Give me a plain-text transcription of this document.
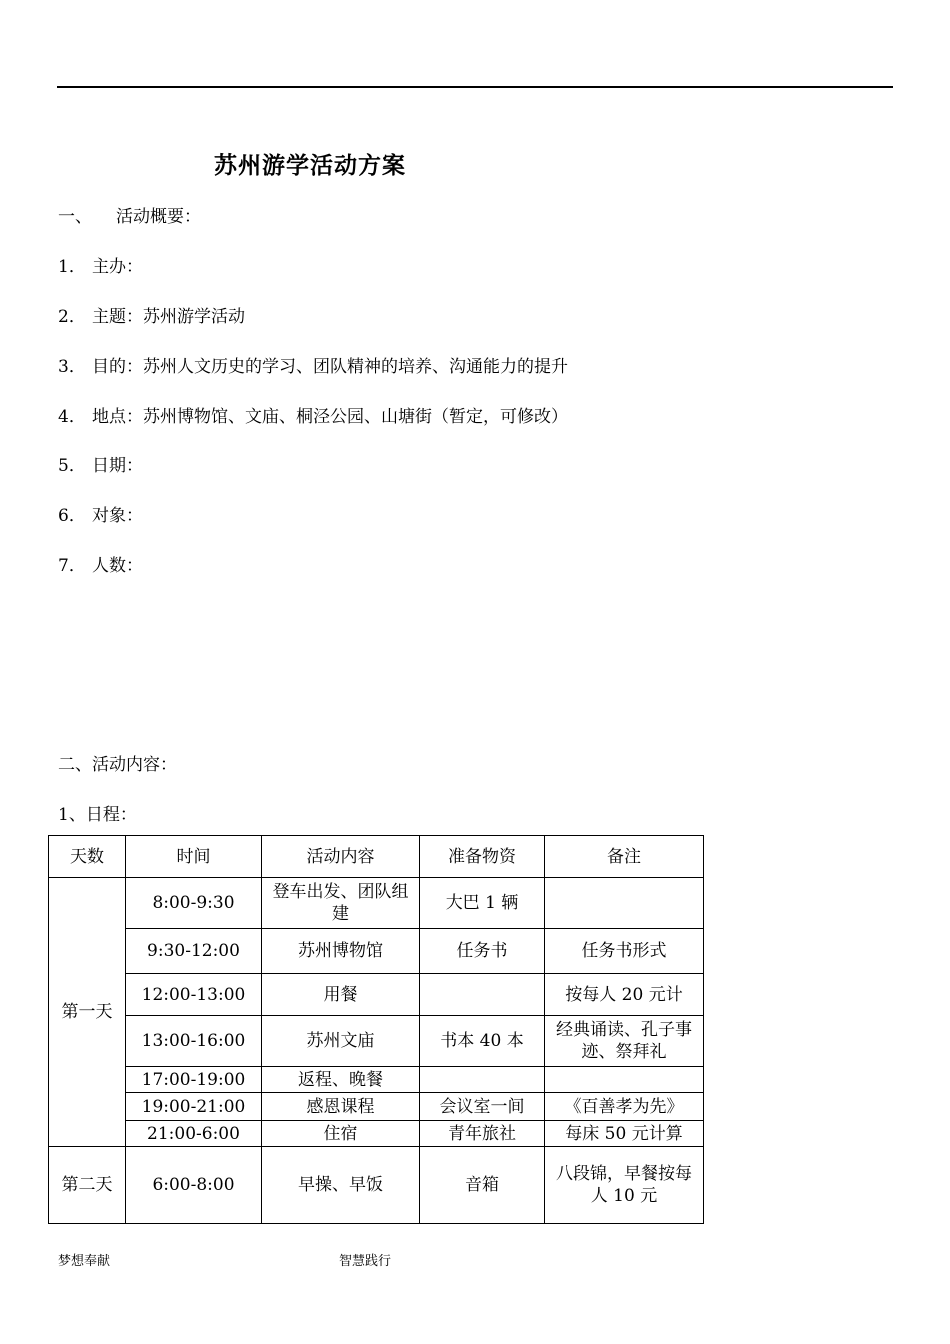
苏州游学活动方案
一、 活动概要：
1． 主办：
2． 主题：苏州游学活动
3． 目的：苏州人文历史的学习、团队精神的培养、沟通能力的提升
4． 地点：苏州博物馆、文庙、桐泾公园、山塘街（暂定，可修改）
5． 日期：
6． 对象：
7． 人数：
二、活动内容：
1、日程：
天数	时间	活动内容	准备物资	备注
第一天	8:00-9:30	登车出发、团队组建	大巴 1 辆	
	9:30-12:00	苏州博物馆	任务书	任务书形式
	12:00-13:00	用餐		按每人 20 元计
	13:00-16:00	苏州文庙	书本 40 本	经典诵读、孔子事迹、祭拜礼
	17:00-19:00	返程、晚餐		
	19:00-21:00	感恩课程	会议室一间	《百善孝为先》
	21:00-6:00	住宿	青年旅社	每床 50 元计算
第二天	6:00-8:00	早操、早饭	音箱	八段锦，早餐按每人 10 元
梦想奉献	智慧践行
